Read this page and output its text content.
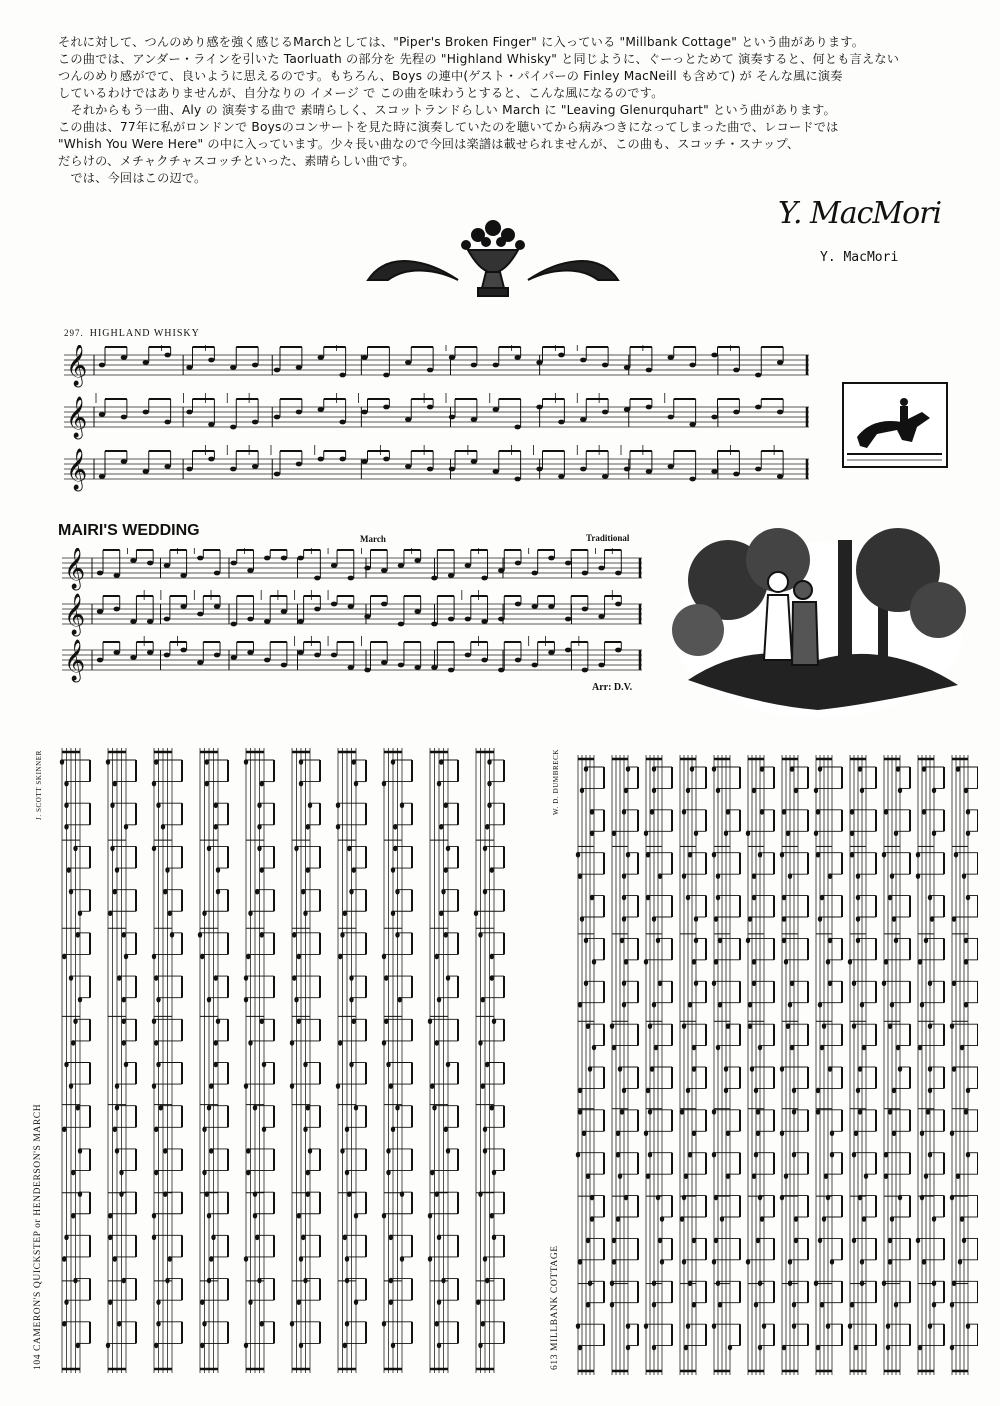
それに対して、つんのめり感を強く感じるMarchとしては、"Piper's Broken Finger" に入っている "Millbank Cottage" という曲があります。

この曲では、アンダー・ラインを引いた Taorluath の部分を 先程の "Highland Whisky" と同じように、ぐーっとためて 演奏すると、何とも言えない

つんのめり感がでて、良いように思えるのです。もちろん、Boys の連中(ゲスト・パイパーの Finley MacNeill も含めて) が そんな風に演奏

しているわけではありませんが、自分なりの イメージ で この曲を味わうとすると、こんな風になるのです。

　それからもう一曲、Aly の 演奏する曲で 素晴らしく、スコットランドらしい March に "Leaving Glenurquhart" という曲があります。

この曲は、77年に私がロンドンで Boysのコンサートを見た時に演奏していたのを聴いてから病みつきになってしまった曲で、レコードでは

"Whish You Were Here" の中に入っています。少々長い曲なので今回は楽譜は載せられませんが、この曲も、スコッチ・スナップ、

だらけの、メチャクチャスコッチといった、素晴らしい曲です。

　では、今回はこの辺で。

Y. MacMori
Y. MacMori
297. HIGHLAND WHISKY
𝄞
𝄞
𝄞
MAIRI'S WEDDING	March	Traditional
𝄞
𝄞
𝄞
Arr: D.V.
104 CAMERON'S QUICKSTEP or HENDERSON'S MARCH
J. SCOTT SKINNER
613 MILLBANK COTTAGE
W. D. DUMBRECK
